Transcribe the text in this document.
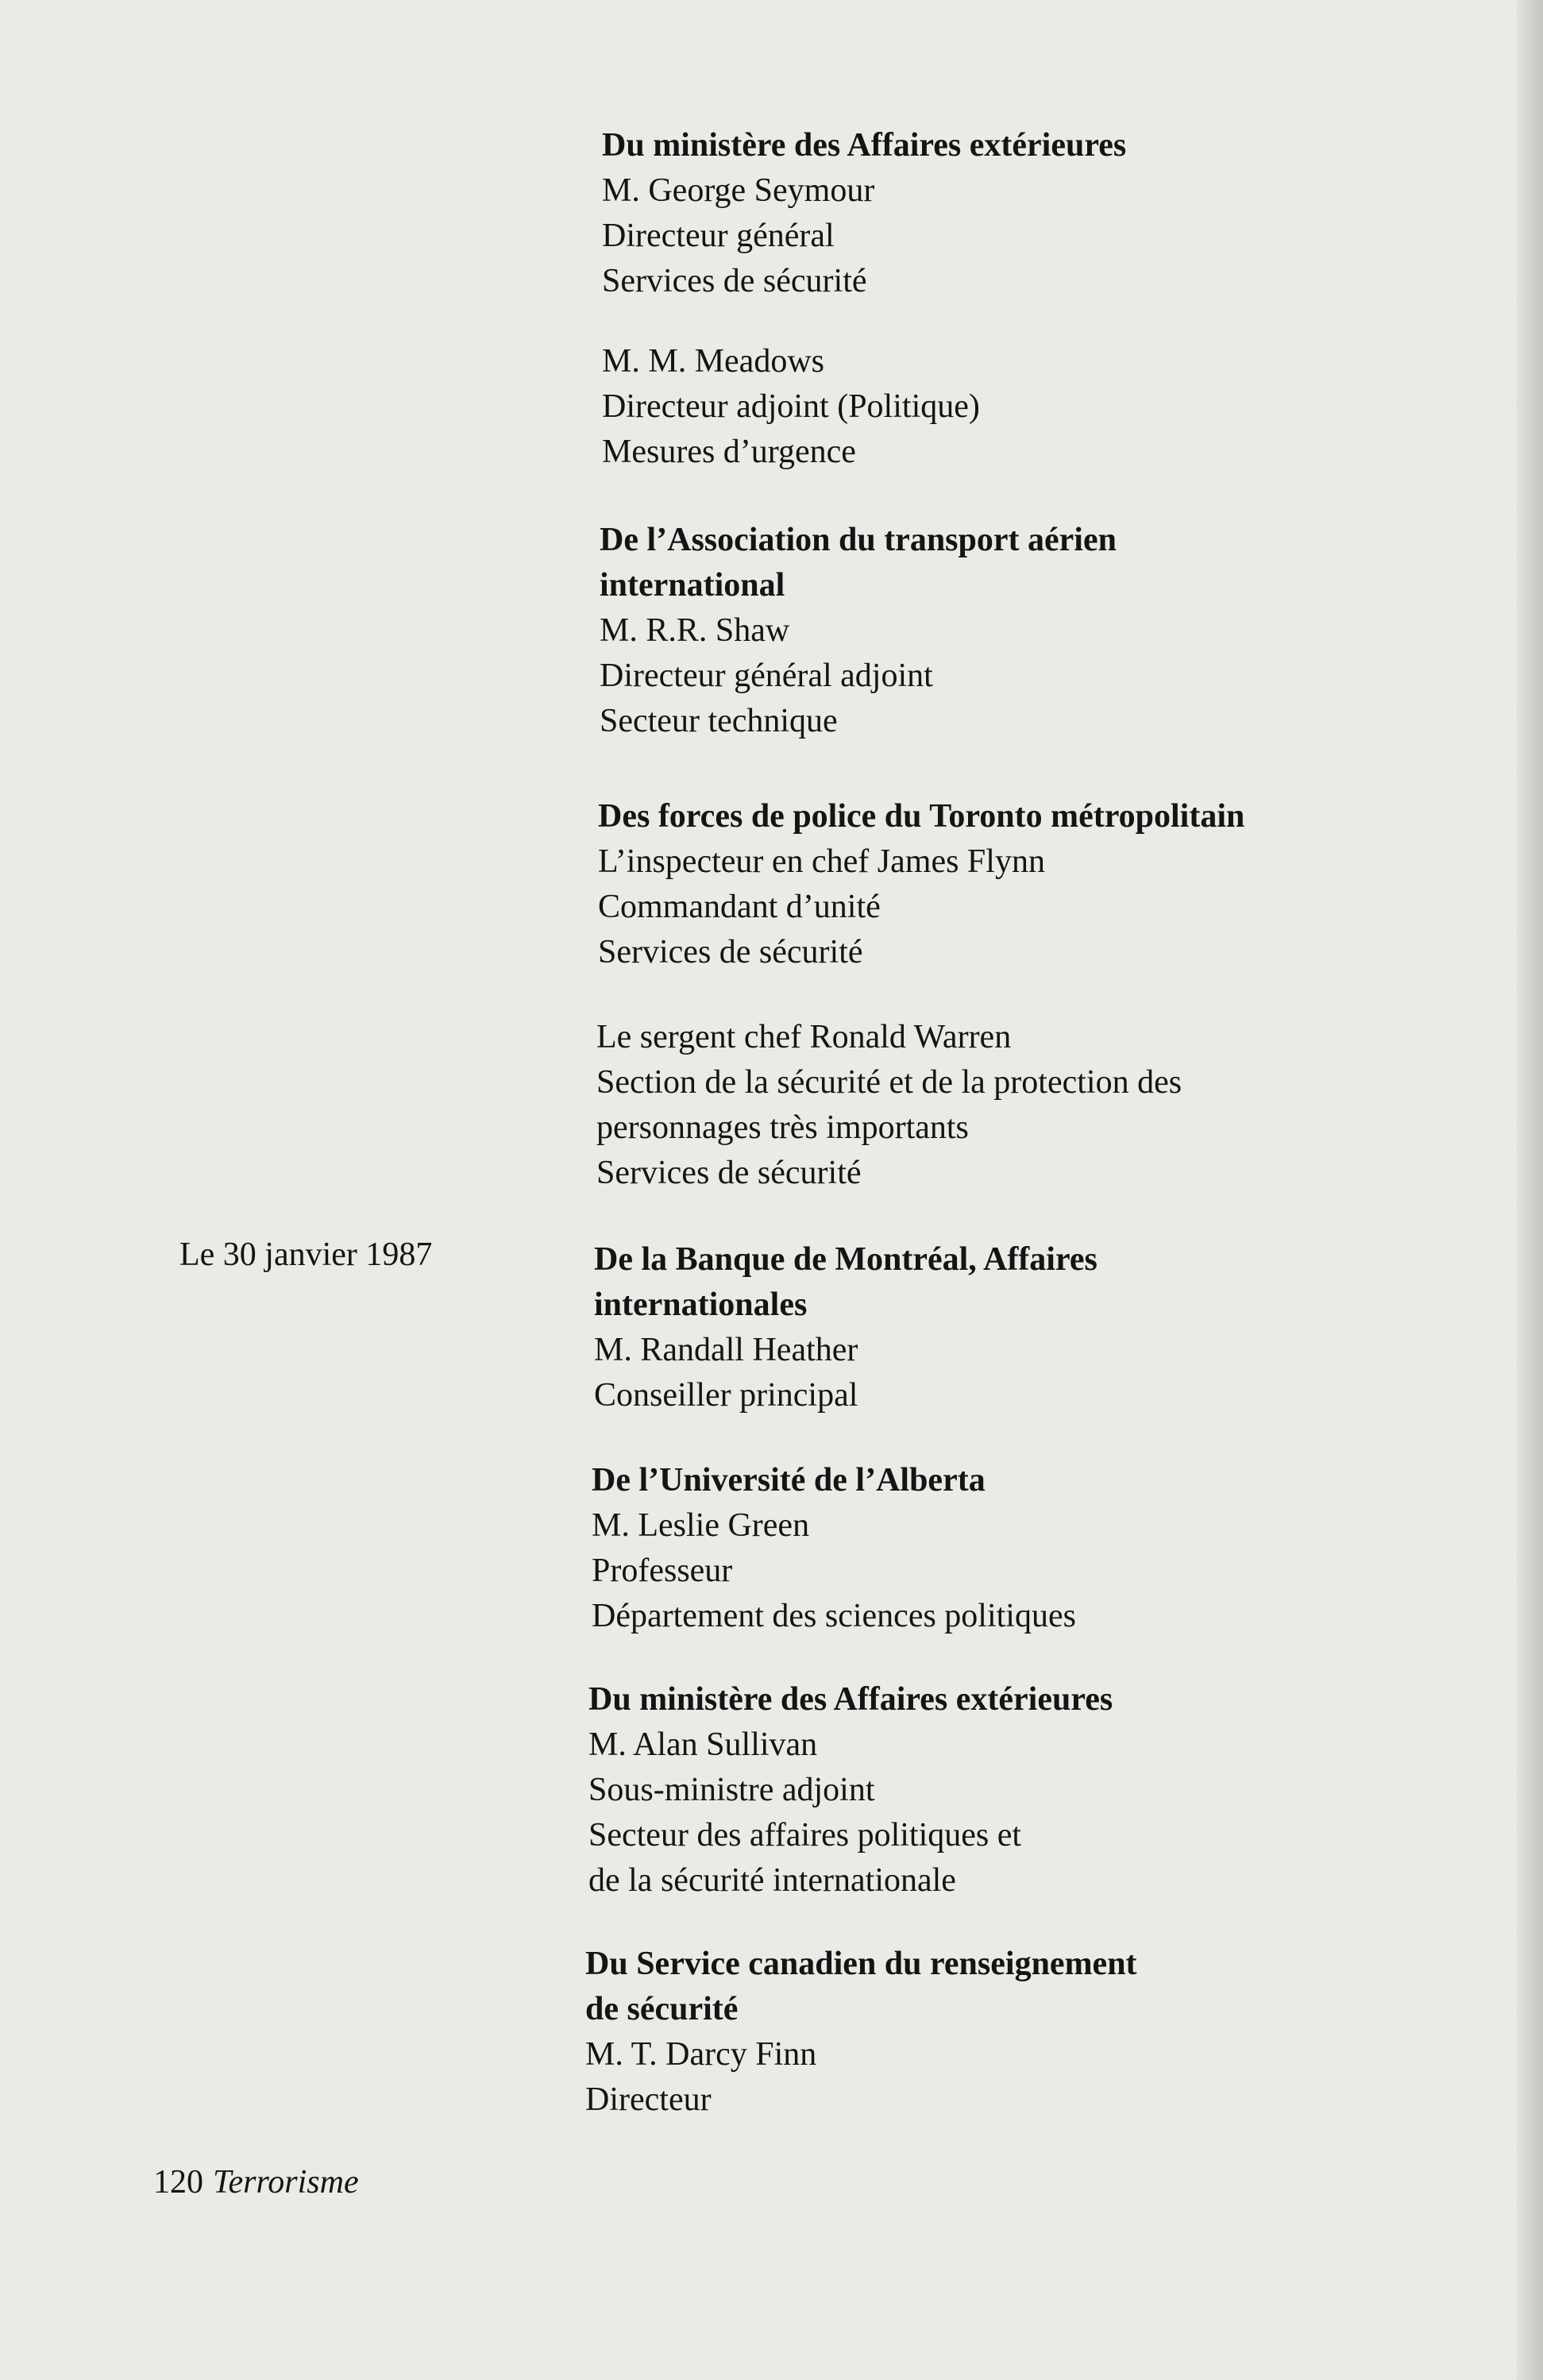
Du ministère des Affaires extérieures
M. George Seymour
Directeur général
Services de sécurité
M. M. Meadows
Directeur adjoint (Politique)
Mesures d’urgence
De l’Association du transport aérien
international
M. R.R. Shaw
Directeur général adjoint
Secteur technique
Des forces de police du Toronto métropolitain
L’inspecteur en chef James Flynn
Commandant d’unité
Services de sécurité
Le sergent chef Ronald Warren
Section de la sécurité et de la protection des
personnages très importants
Services de sécurité
Le 30 janvier 1987	De la Banque de Montréal, Affaires
internationales
M. Randall Heather
Conseiller principal
De l’Université de l’Alberta
M. Leslie Green
Professeur
Département des sciences politiques
Du ministère des Affaires extérieures
M. Alan Sullivan
Sous-ministre adjoint
Secteur des affaires politiques et
de la sécurité internationale
Du Service canadien du renseignement
de sécurité
M. T. Darcy Finn
Directeur
120 Terrorisme
